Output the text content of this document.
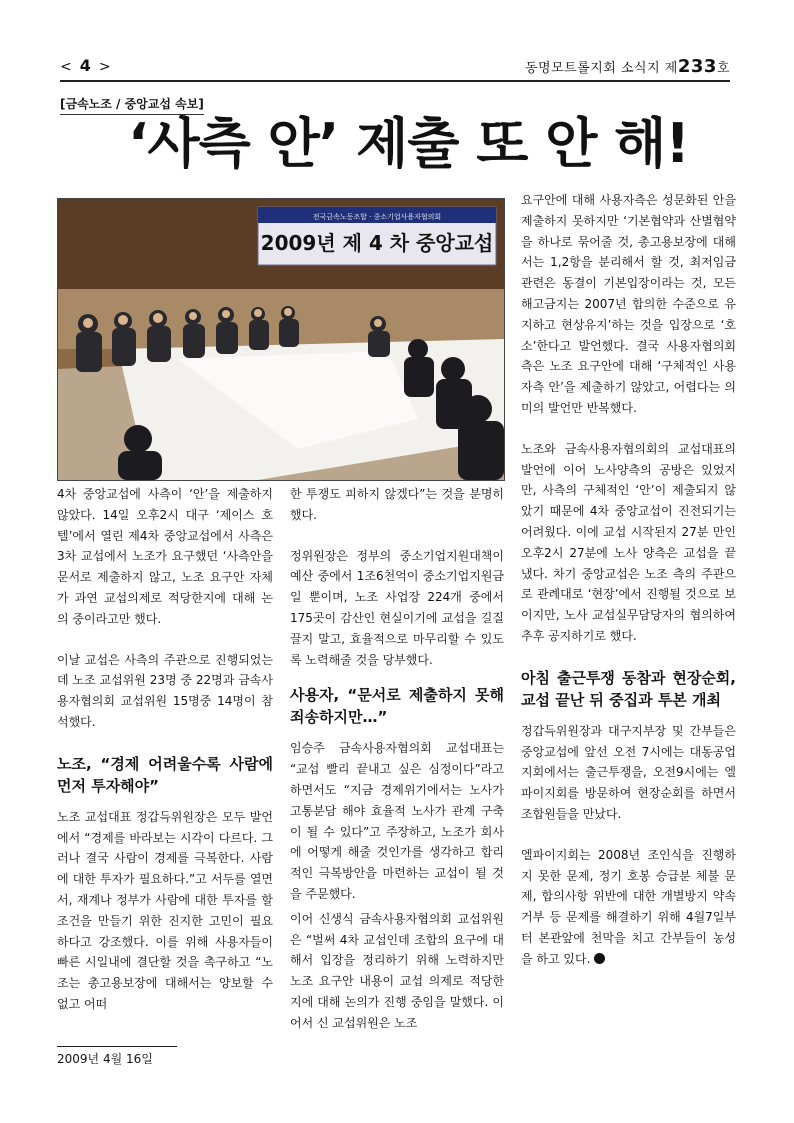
< 4 >	동명모트롤지회 소식지 제233호
[금속노조 / 중앙교섭 속보]
‘사측 안’ 제출 또 안 해!
전국금속노동조합 · 중소기업사용자협의회
2009년 제 4 차 중앙교섭

4차 중앙교섭에 사측이 ‘안’을 제출하지 않았다. 14일 오후2시 대구 ‘제이스 호텔’에서 열린 제4차 중앙교섭에서 사측은 3차 교섭에서 노조가 요구했던 ‘사측안을 문서로 제출하지 않고, 노조 요구안 자체가 과연 교섭의제로 적당한지에 대해 논의 중이라고만 했다.

이날 교섭은 사측의 주관으로 진행되었는데 노조 교섭위원 23명 중 22명과 금속사용자협의회 교섭위원 15명중 14명이 참석했다.

노조, “경제 어려울수록 사람에 먼저 투자해야”

노조 교섭대표 정갑득위원장은 모두 발언에서 “경제를 바라보는 시각이 다르다. 그러나 결국 사람이 경제를 극복한다. 사람에 대한 투자가 필요하다.”고 서두를 열면서, 재계나 정부가 사람에 대한 투자를 할 조건을 만들기 위한 진지한 고민이 필요하다고 강조했다. 이를 위해 사용자들이 빠른 시일내에 결단할 것을 촉구하고 “노조는 총고용보장에 대해서는 양보할 수 없고 어떠

한 투쟁도 피하지 않겠다”는 것을 분명히 했다.

정위원장은 정부의 중소기업지원대책이 예산 중에서 1조6천억이 중소기업지원금일 뿐이며, 노조 사업장 224개 중에서 175곳이 감산인 현실이기에 교섭을 길질 끌지 말고, 효율적으로 마무리할 수 있도록 노력해줄 것을 당부했다.

사용자, “문서로 제출하지 못해 죄송하지만…”

임승주 금속사용자협의회 교섭대표는 “교섭 빨리 끝내고 싶은 심정이다”라고 하면서도 “지금 경제위기에서는 노사가 고통분담 해야 효율적 노사가 관계 구축이 될 수 있다”고 주장하고, 노조가 회사에 어떻게 해줄 것인가를 생각하고 합리적인 극복방안을 마련하는 교섭이 될 것을 주문했다.

이어 신생식 금속사용자협의회 교섭위원은 “벌써 4차 교섭인데 조합의 요구에 대해서 입장을 정리하기 위해 노력하지만 노조 요구안 내용이 교섭 의제로 적당한지에 대해 논의가 진행 중임을 말했다. 이어서 신 교섭위원은 노조

요구안에 대해 사용자측은 성문화된 안을 제출하지 못하지만 ‘기본협약과 산별협약을 하나로 묶어줄 것, 총고용보장에 대해서는 1,2항을 분리해서 할 것, 최저임금 관련은 동결이 기본입장이라는 것, 모든 해고금지는 2007년 합의한 수준으로 유지하고 현상유지’하는 것을 입장으로 ‘호소’한다고 발언했다. 결국 사용자협의회 측은 노조 요구안에 대해 ‘구체적인 사용자측 안’을 제출하기 않았고, 어렵다는 의미의 발언만 반복했다.

노조와 금속사용자협의회의 교섭대표의 발언에 이어 노사양측의 공방은 있었지만, 사측의 구체적인 ‘안’이 제출되지 않았기 때문에 4차 중앙교섭이 진전되기는 어려웠다. 이에 교섭 시작된지 27분 만인 오후2시 27분에 노사 양측은 교섭을 끝냈다. 차기 중앙교섭은 노조 측의 주관으로 관례대로 ‘현장’에서 진행될 것으로 보이지만, 노사 교섭실무담당자의 협의하여 추후 공지하기로 했다.

아침 출근투쟁 동참과 현장순회, 교섭 끝난 뒤 중집과 투본 개최

정갑득위원장과 대구지부장 및 간부들은 중앙교섭에 앞선 오전 7시에는 대동공업지회에서는 출근투쟁을, 오전9시에는 엘파이지회를 방문하여 현장순회를 하면서 조합원들을 만났다.

엘파이지회는 2008년 조인식을 진행하지 못한 문제, 정기 호봉 승급분 체불 문제, 합의사항 위반에 대한 개별방지 약속거부 등 문제를 해결하기 위해 4월7일부터 본관앞에 천막을 치고 간부들이 농성을 하고 있다.

2009년 4월 16일
